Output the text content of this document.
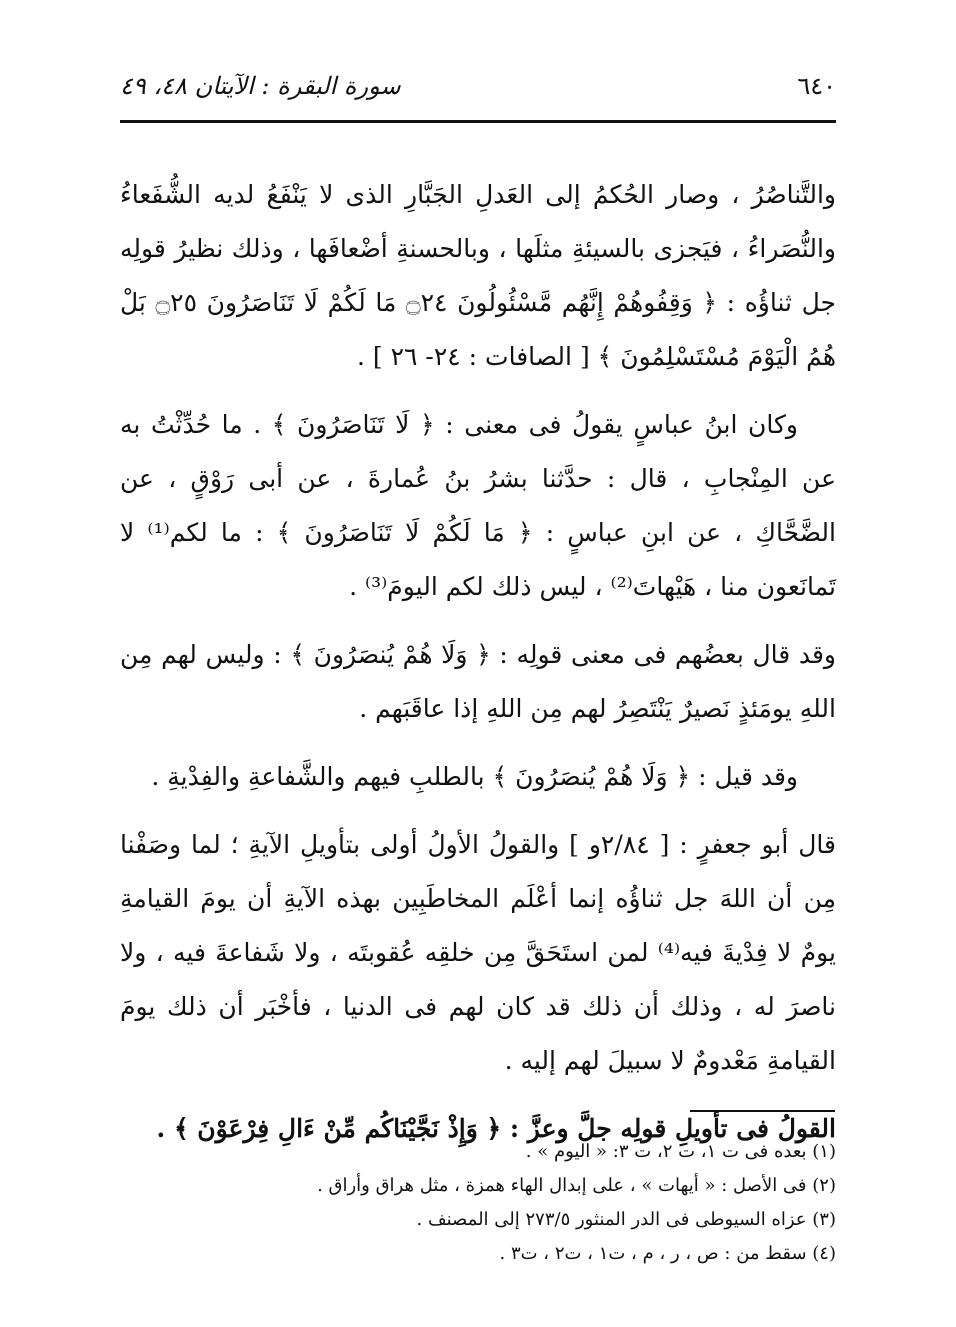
٦٤٠
سورة البقرة : الآيتان ٤٨، ٤٩

والتَّناصُرُ ، وصار الحُكمُ إلى العَدلِ الجَبَّارِ الذى لا يَنْفَعُ لديه الشُّفَعاءُ والنُّصَراءُ ، فيَجزى بالسيئةِ مثلَها ، وبالحسنةِ أضْعافَها ، وذلك نظيرُ قولِه جل ثناؤُه : ﴿ وَقِفُوهُمْ إِنَّهُم مَّسْئُولُونَ ۝٢٤ مَا لَكُمْ لَا تَنَاصَرُونَ ۝٢٥ بَلْ هُمُ الْيَوْمَ مُسْتَسْلِمُونَ ﴾ [ الصافات : ٢٤- ٢٦ ] .

وكان ابنُ عباسٍ يقولُ فى معنى : ﴿ لَا تَنَاصَرُونَ ﴾ . ما حُدِّثْتُ به عن المِنْجابِ ، قال : حدَّثنا بشرُ بنُ عُمارةَ ، عن أبى رَوْقٍ ، عن الضَّحَّاكِ ، عن ابنِ عباسٍ : ﴿ مَا لَكُمْ لَا تَنَاصَرُونَ ﴾ : ما لكم⁽¹⁾ لا تَمانَعون منا ، هَيْهاتَ⁽²⁾ ، ليس ذلك لكم اليومَ⁽³⁾ .

وقد قال بعضُهم فى معنى قولِه : ﴿ وَلَا هُمْ يُنصَرُونَ ﴾ : وليس لهم مِن اللهِ يومَئذٍ نَصيرٌ يَنْتَصِرُ لهم مِن اللهِ إذا عاقَبَهم .

وقد قيل : ﴿ وَلَا هُمْ يُنصَرُونَ ﴾ بالطلبِ فيهم والشَّفاعةِ والفِدْيةِ .

قال أبو جعفرٍ : [ ٢/٨٤و ] والقولُ الأولُ أولى بتأويلِ الآيةِ ؛ لما وصَفْنا مِن أن اللهَ جل ثناؤُه إنما أعْلَم المخاطَبِين بهذه الآيةِ أن يومَ القيامةِ يومٌ لا فِدْيةَ فيه⁽⁴⁾ لمن استَحَقَّ مِن خلقِه عُقوبتَه ، ولا شَفاعةَ فيه ، ولا ناصرَ له ، وذلك أن ذلك قد كان لهم فى الدنيا ، فأخْبَر أن ذلك يومَ القيامةِ مَعْدومٌ لا سبيلَ لهم إليه .

القولُ فى تأويلِ قولِه جلَّ وعزَّ : ﴿ وَإِذْ نَجَّيْنَاكُم مِّنْ ءَالِ فِرْعَوْنَ ﴾ .

(١) بعده فى ت ١، ت ٢، ت ٣: « اليوم » .

(٢) فى الأصل : « أيهات » ، على إبدال الهاء همزة ، مثل هراق وأراق .

(٣) عزاه السيوطى فى الدر المنثور ٢٧٣/٥ إلى المصنف .

(٤) سقط من : ص ، ر ، م ، ت١ ، ت٢ ، ت٣ .
